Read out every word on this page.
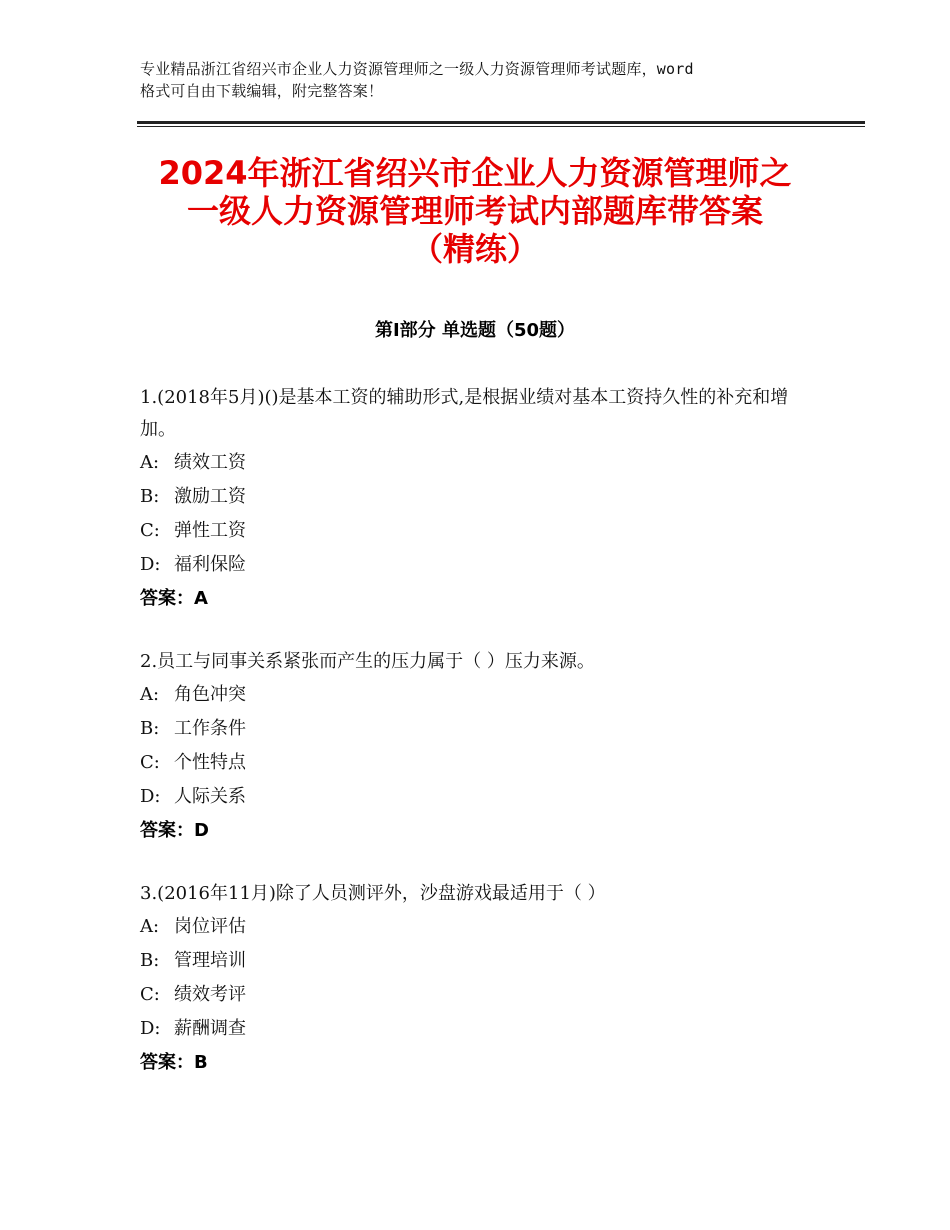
专业精品浙江省绍兴市企业人力资源管理师之一级人力资源管理师考试题库，word
格式可自由下载编辑，附完整答案！
2024年浙江省绍兴市企业人力资源管理师之
一级人力资源管理师考试内部题库带答案
（精练）
第Ⅰ部分 单选题（50题）
1.(2018年5月)()是基本工资的辅助形式,是根据业绩对基本工资持久性的补充和增加。
A: 绩效工资
B: 激励工资
C: 弹性工资
D: 福利保险
答案：A
2.员工与同事关系紧张而产生的压力属于（ ）压力来源。
A: 角色冲突
B: 工作条件
C: 个性特点
D: 人际关系
答案：D
3.(2016年11月)除了人员测评外，沙盘游戏最适用于（ ）
A: 岗位评估
B: 管理培训
C: 绩效考评
D: 薪酬调查
答案：B
